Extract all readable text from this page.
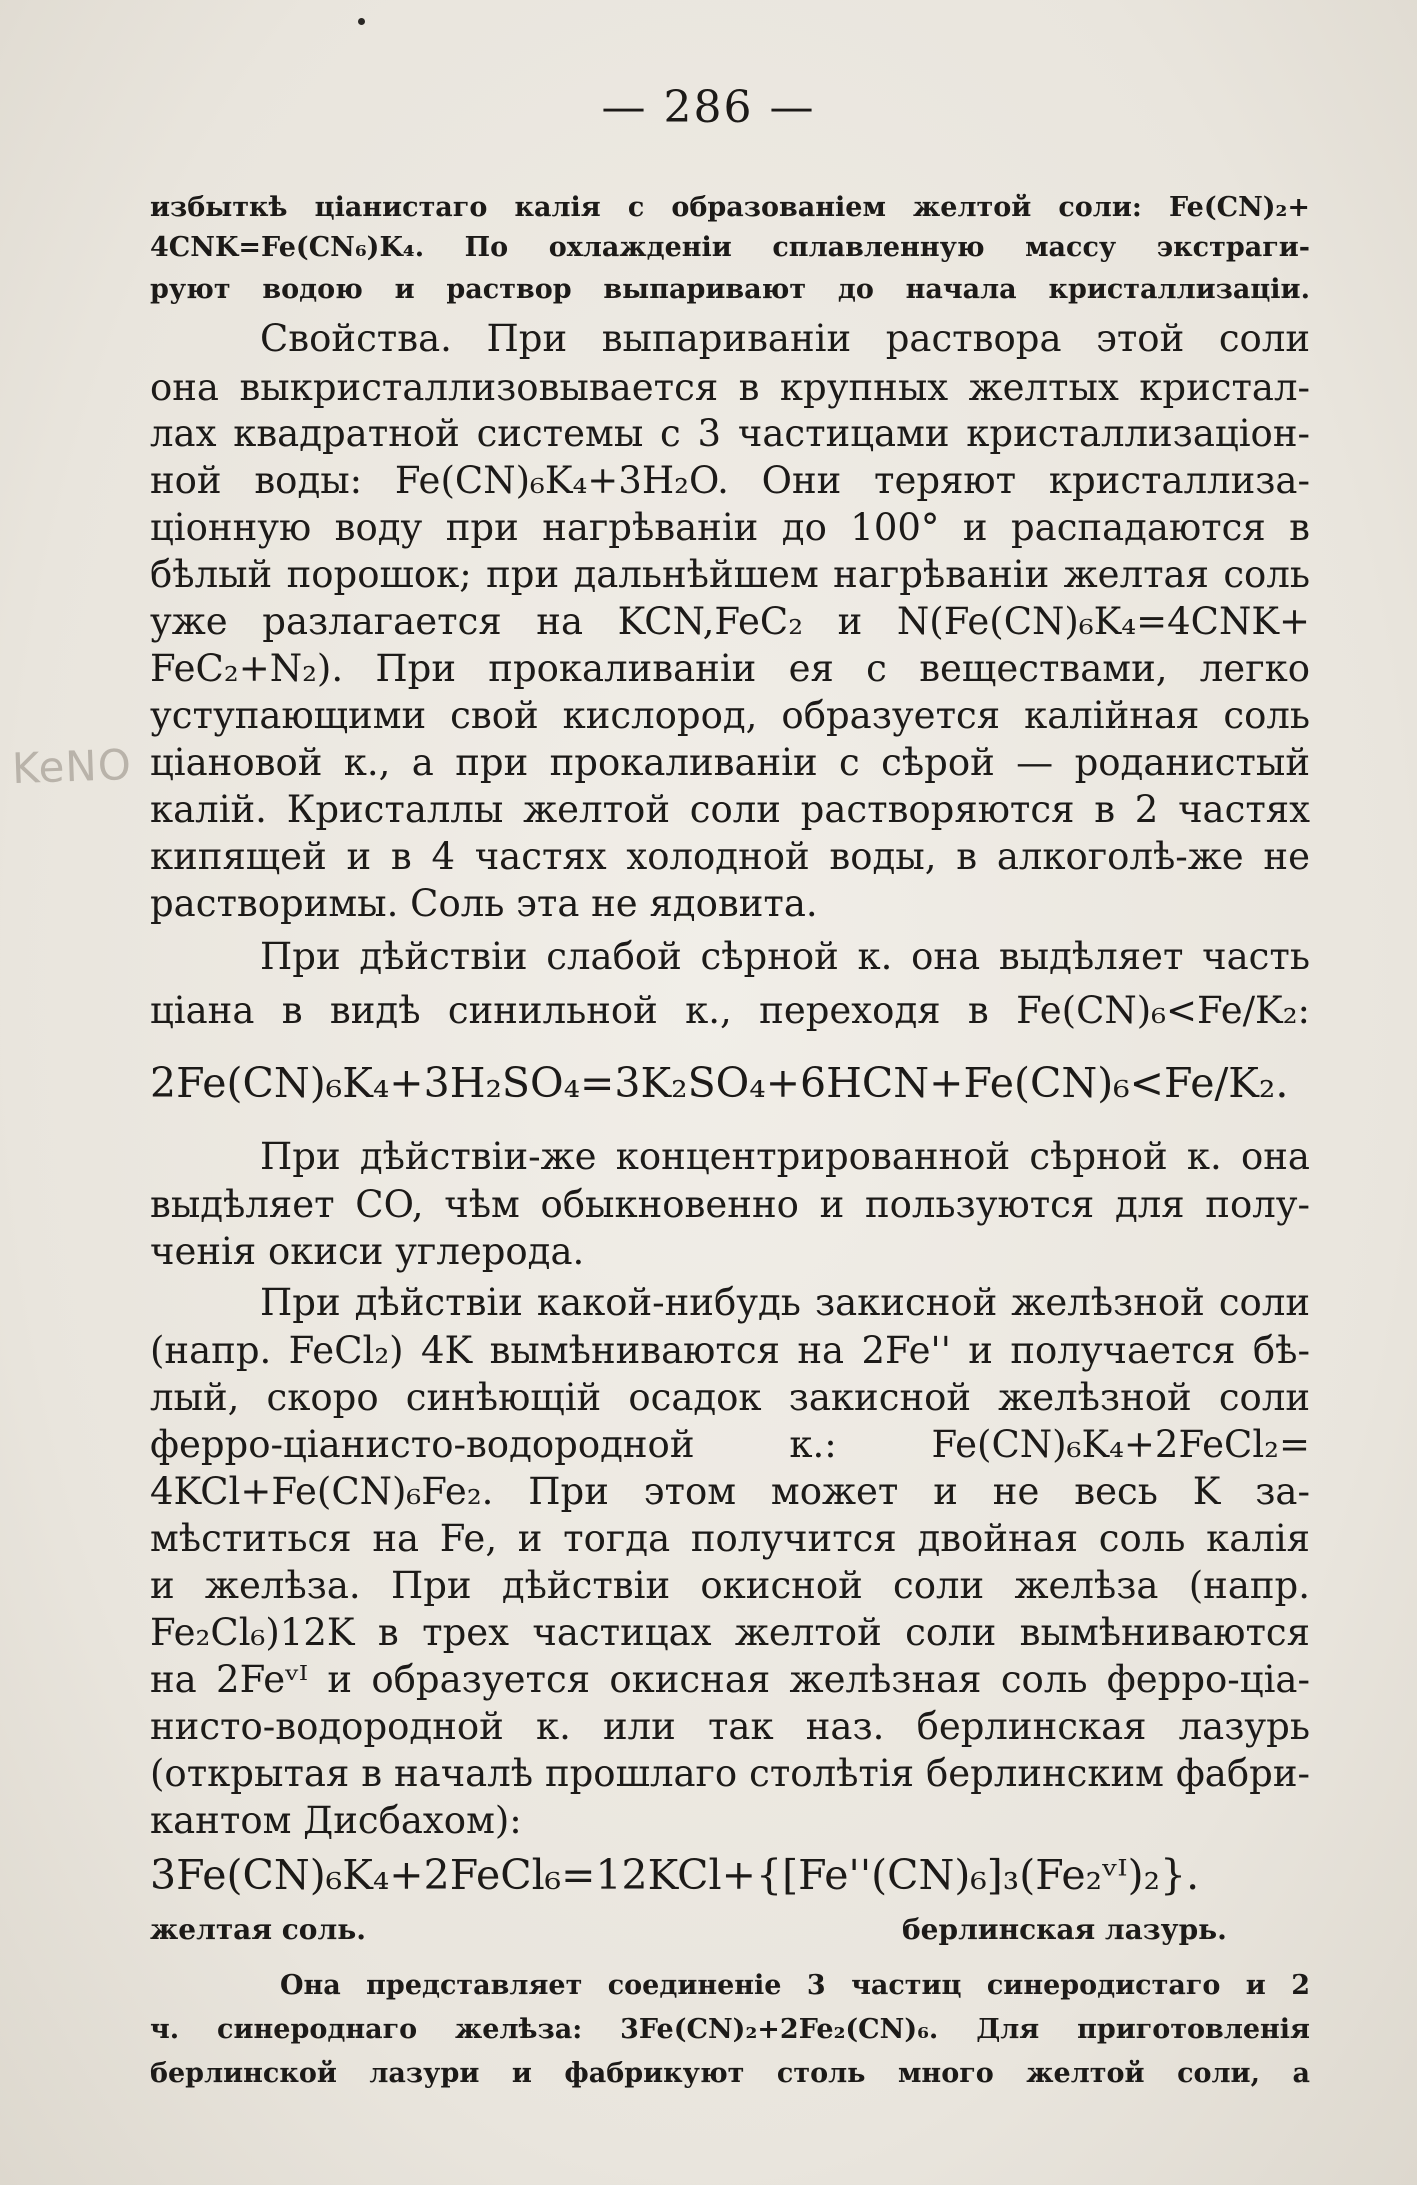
— 286 —
KeNO
избыткѣ ціанистаго калія с образованіем желтой соли: Fe(CN)₂+
4CNK=Fe(CN₆)K₄. По охлажденіи сплавленную массу экстраги-
руют водою и раствор выпаривают до начала кристаллизаціи.
Свойства. При выпариваніи раствора этой соли
она выкристаллизовывается в крупных желтых кристал-
лах квадратной системы с 3 частицами кристаллизаціон-
ной воды: Fe(CN)₆K₄+3H₂O. Они теряют кристаллиза-
ціонную воду при нагрѣваніи до 100° и распадаются в
бѣлый порошок; при дальнѣйшем нагрѣваніи желтая соль
уже разлагается на KCN,FeC₂ и N(Fe(CN)₆K₄=4CNK+
FeC₂+N₂). При прокаливаніи ея с веществами, легко
уступающими свой кислород, образуется калійная соль
ціановой к., а при прокаливаніи с сѣрой — роданистый
калій. Кристаллы желтой соли растворяются в 2 частях
кипящей и в 4 частях холодной воды, в алкоголѣ-же не
растворимы. Соль эта не ядовита.
При дѣйствіи слабой сѣрной к. она выдѣляет часть
ціана в видѣ синильной к., переходя в Fe(CN)₆<Fe/K₂:
2Fe(CN)₆K₄+3H₂SO₄=3K₂SO₄+6HCN+Fe(CN)₆<Fe/K₂.
При дѣйствіи-же концентрированной сѣрной к. она
выдѣляет CO, чѣм обыкновенно и пользуются для полу-
ченія окиси углерода.
При дѣйствіи какой-нибудь закисной желѣзной соли
(напр. FeCl₂) 4K вымѣниваются на 2Fe'' и получается бѣ-
лый, скоро синѣющій осадок закисной желѣзной соли
ферро-ціанисто-водородной к.: Fe(CN)₆K₄+2FeCl₂=
4KCl+Fe(CN)₆Fe₂. При этом может и не весь K за-
мѣститься на Fe, и тогда получится двойная соль калія
и желѣза. При дѣйствіи окисной соли желѣза (напр.
Fe₂Cl₆)12K в трех частицах желтой соли вымѣниваются
на 2Feᵛᴵ и образуется окисная желѣзная соль ферро-ціа-
нисто-водородной к. или так наз. берлинская лазурь
(открытая в началѣ прошлаго столѣтія берлинским фабри-
кантом Дисбахом):
3Fe(CN)₆K₄+2FeCl₆=12KCl+{[Fe''(CN)₆]₃(Fe₂ᵛᴵ)₂}.
желтая соль.	берлинская лазурь.
Она представляет соединеніе 3 частиц синеродистаго и 2
ч. синероднаго желѣза: 3Fe(CN)₂+2Fe₂(CN)₆. Для приготовленія
берлинской лазури и фабрикуют столь много желтой соли, а
